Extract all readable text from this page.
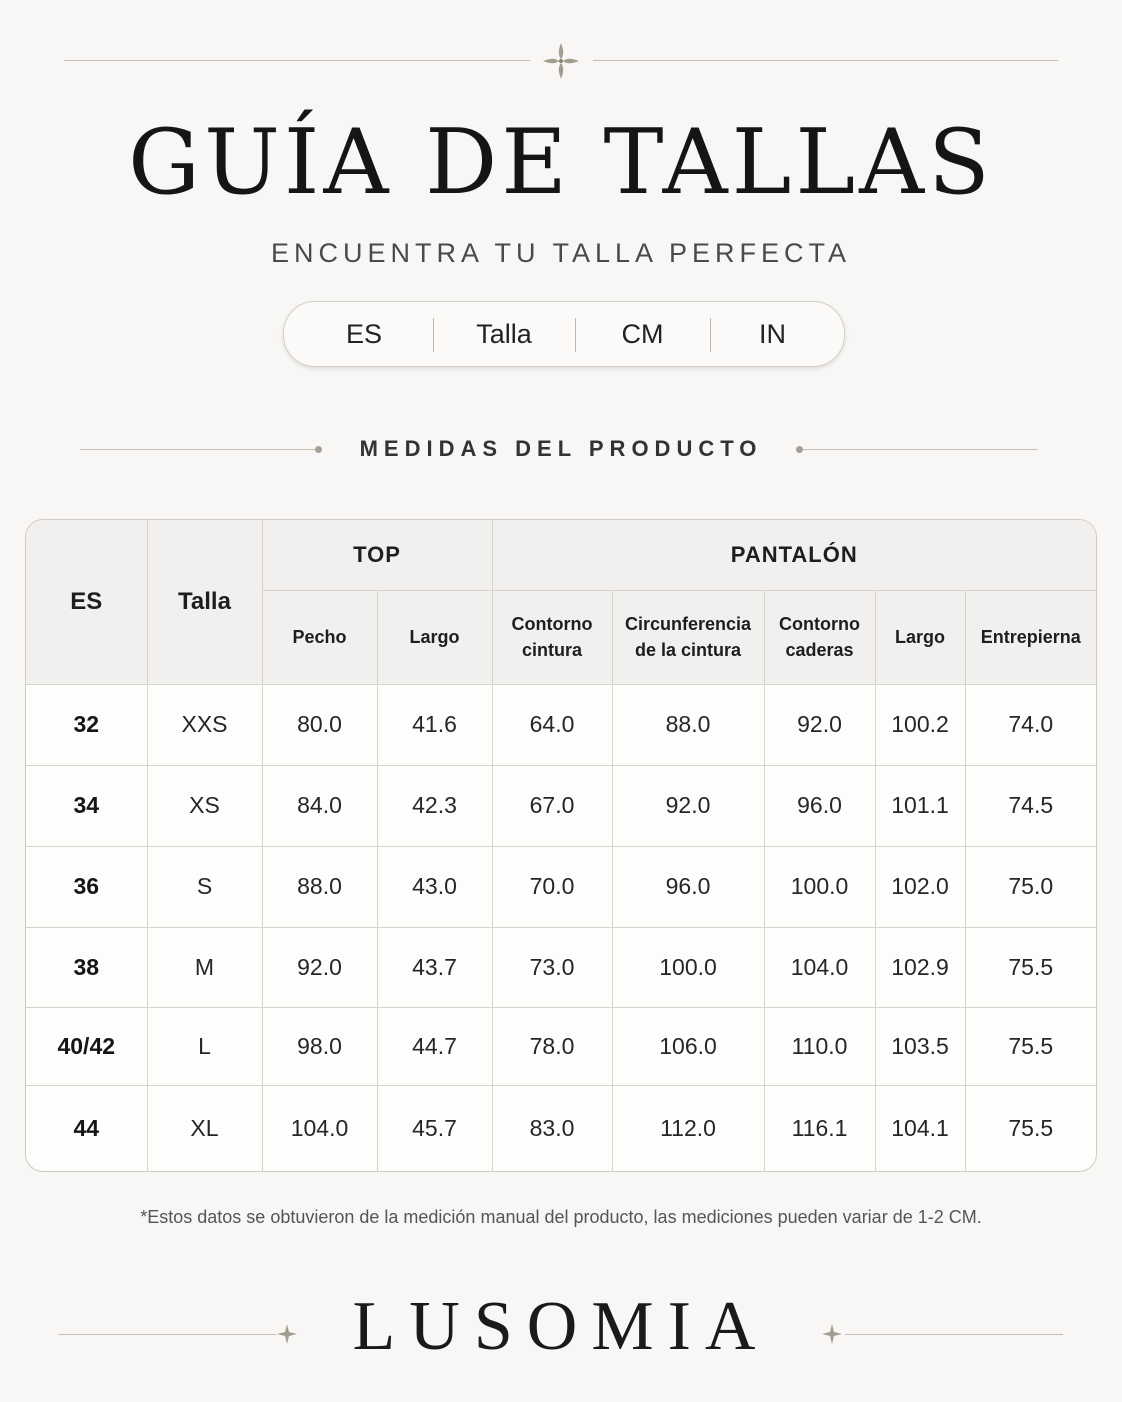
GUÍA DE TALLAS
ENCUENTRA TU TALLA PERFECTA
ES	Talla	CM	IN
MEDIDAS DEL PRODUCTO
ES	Talla	TOP		PANTALÓN				
		Pecho	Largo	Contorno cintura	Circunferencia de la cintura	Contorno caderas	Largo	Entrepierna
32	XXS	80.0	41.6	64.0	88.0	92.0	100.2	74.0
34	XS	84.0	42.3	67.0	92.0	96.0	101.1	74.5
36	S	88.0	43.0	70.0	96.0	100.0	102.0	75.0
38	M	92.0	43.7	73.0	100.0	104.0	102.9	75.5
40/42	L	98.0	44.7	78.0	106.0	110.0	103.5	75.5
44	XL	104.0	45.7	83.0	112.0	116.1	104.1	75.5
*Estos datos se obtuvieron de la medición manual del producto, las mediciones pueden variar de 1-2 CM.
LUSOMIA
